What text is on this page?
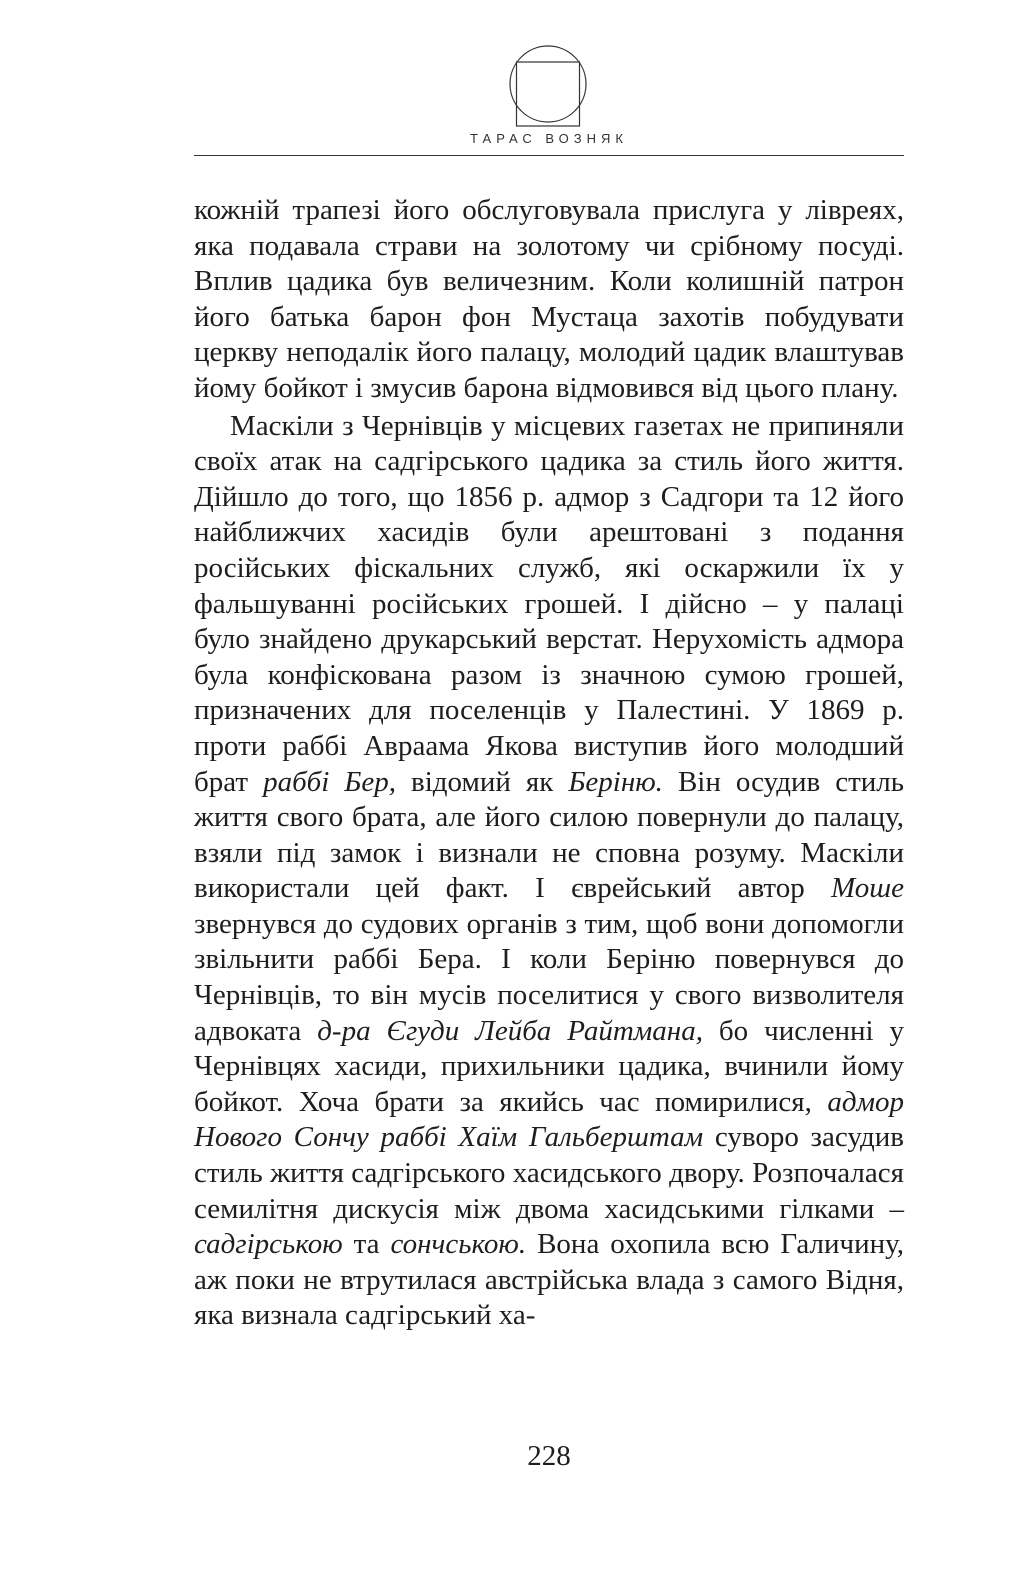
ТАРАС ВОЗНЯК

кожній трапезі його обслуговувала прислуга у лівреях, яка подавала страви на золотому чи срібному посуді. Вплив цадика був величезним. Коли колишній патрон його батька барон фон Мустаца захотів побудувати церкву неподалік його палацу, молодий цадик влаштував йому бойкот і змусив барона відмовився від цього плану.

Маскіли з Чернівців у місцевих газетах не припиняли своїх атак на садгірського цадика за стиль його життя. Дійшло до того, що 1856 р. адмор з Садгори та 12 його найближчих хасидів були арештовані з подання російських фіскальних служб, які оскаржили їх у фальшуванні російських грошей. І дійсно – у палаці було знайдено друкарський верстат. Нерухомість адмора була конфіскована разом із значною сумою грошей, призначених для поселенців у Палестині. У 1869 р. проти раббі Авраама Якова виступив його молодший брат раббі Бер, відомий як Берiню. Він осудив стиль життя свого брата, але його силою повернули до палацу, взяли під замок і визнали не сповна розуму. Маскіли використали цей факт. І єврейський автор Моше звернувся до судових органів з тим, щоб вони допомогли звільнити раббі Бера. І коли Берiню повернувся до Чернівців, то він мусів поселитися у свого визволителя адвоката д-ра Єгуди Лейба Райтмана, бо численні у Чернівцях хасиди, прихильники цадика, вчинили йому бойкот. Хоча брати за якийсь час помирилися, адмор Нового Сончу раббі Хаїм Гальберштам суворо засудив стиль життя садгірського хасидського двору. Розпочалася семилітня дискусія між двома хасидськими гілками – садгірською та сончською. Вона охопила всю Галичину, аж поки не втрутилася австрійська влада з самого Відня, яка визнала садгірський ха-

228
